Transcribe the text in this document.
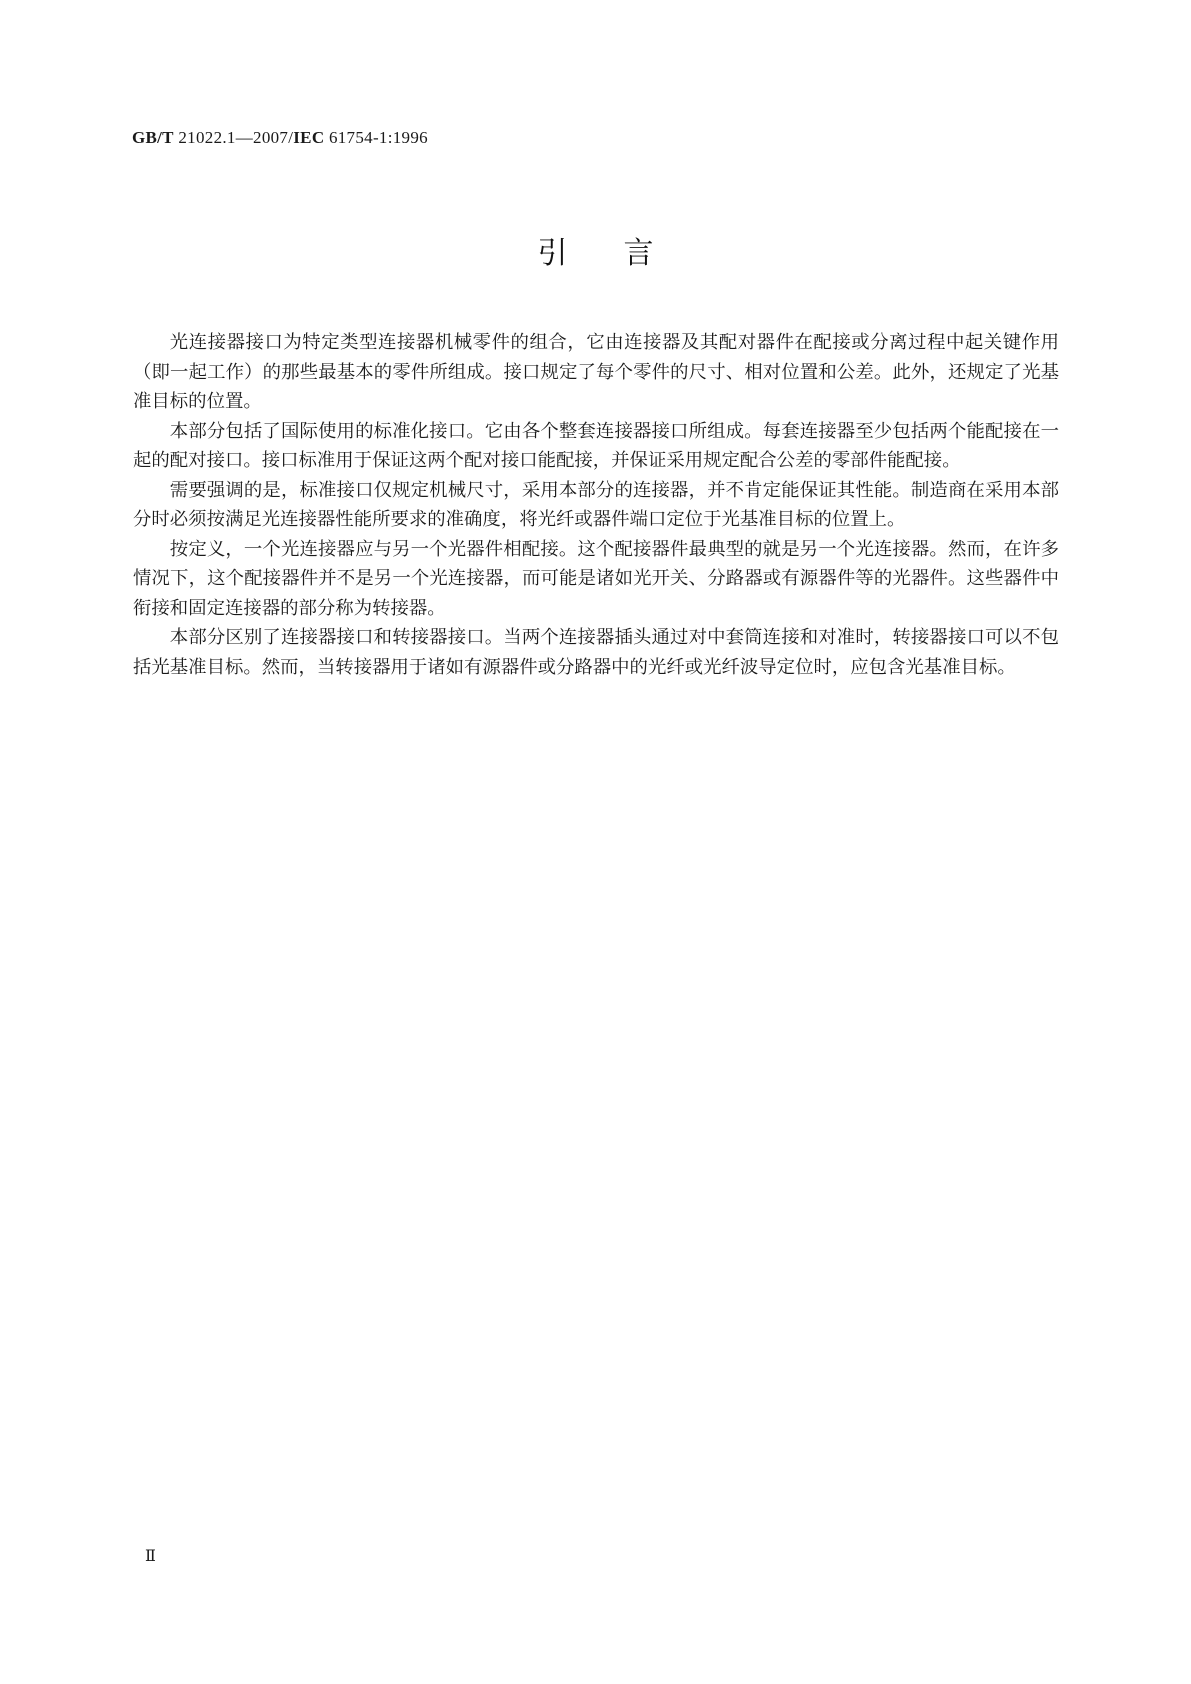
GB/T 21022.1—2007/IEC 61754-1:1996
引言

光连接器接口为特定类型连接器机械零件的组合，它由连接器及其配对器件在配接或分离过程中起关键作用（即一起工作）的那些最基本的零件所组成。接口规定了每个零件的尺寸、相对位置和公差。此外，还规定了光基准目标的位置。

本部分包括了国际使用的标准化接口。它由各个整套连接器接口所组成。每套连接器至少包括两个能配接在一起的配对接口。接口标准用于保证这两个配对接口能配接，并保证采用规定配合公差的零部件能配接。

需要强调的是，标准接口仅规定机械尺寸，采用本部分的连接器，并不肯定能保证其性能。制造商在采用本部分时必须按满足光连接器性能所要求的准确度，将光纤或器件端口定位于光基准目标的位置上。

按定义，一个光连接器应与另一个光器件相配接。这个配接器件最典型的就是另一个光连接器。然而，在许多情况下，这个配接器件并不是另一个光连接器，而可能是诸如光开关、分路器或有源器件等的光器件。这些器件中衔接和固定连接器的部分称为转接器。

本部分区别了连接器接口和转接器接口。当两个连接器插头通过对中套筒连接和对准时，转接器接口可以不包括光基准目标。然而，当转接器用于诸如有源器件或分路器中的光纤或光纤波导定位时，应包含光基准目标。

Ⅱ
